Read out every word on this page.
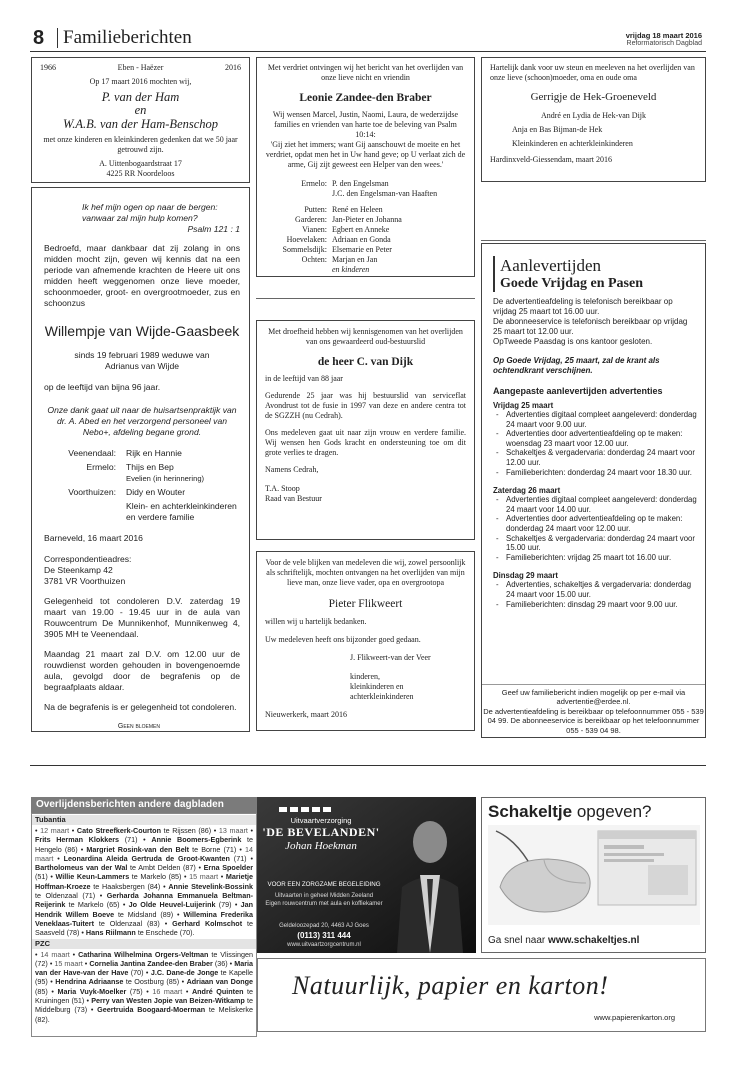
8 Familieberichten	vrijdag 18 maart 2016
Reformatorisch Dagblad
1966	Eben - Haëzer	2016
Op 17 maart 2016 mochten wij,
P. van der Ham
en
W.A.B. van der Ham-Benschop
met onze kinderen en kleinkinderen gedenken dat we 50 jaar getrouwd zijn.
A. Uittenbogaardstraat 17
4225 RR Noordeloos
Ik hef mijn ogen op naar de bergen:
vanwaar zal mijn hulp komen?
Psalm 121 : 1
Bedroefd, maar dankbaar dat zij zolang in ons midden mocht zijn, geven wij kennis dat na een periode van afnemende krachten de Heere uit ons midden heeft weggenomen onze lieve moeder, schoonmoeder, groot- en overgrootmoeder, zus en schoonzus
Willempje van Wijde-Gaasbeek
sinds 19 februari 1989 weduwe van
Adrianus van Wijde
op de leeftijd van bijna 96 jaar.
Onze dank gaat uit naar de huisartsenpraktijk van dr. A. Abed en het verzorgend personeel van Nebo+, afdeling begane grond.
Veenendaal:	Rijk en Hannie
Ermelo:	Thijs en Bep
Evelien (in herinnering)
Voorthuizen:	Didy en Wouter
Klein- en achterkleinkinderen
en verdere familie
Barneveld, 16 maart 2016
Correspondentieadres:
De Steenkamp 42
3781 VR Voorthuizen
Gelegenheid tot condoleren D.V. zaterdag 19 maart van 19.00 - 19.45 uur in de aula van Rouwcentrum De Munnikenhof, Munnikenweg 4, 3905 MH te Veenendaal.
Maandag 21 maart zal D.V. om 12.00 uur de rouwdienst worden gehouden in bovengenoemde aula, gevolgd door de begrafenis op de begraafplaats aldaar.
Na de begrafenis is er gelegenheid tot condoleren.
Geen bloemen
Met verdriet ontvingen wij het bericht van het overlijden van onze lieve nicht en vriendin
Leonie Zandee-den Braber
Wij wensen Marcel, Justin, Naomi, Laura, de wederzijdse families en vrienden van harte toe de beleving van Psalm 10:14:
'Gij ziet het immers; want Gij aanschouwt de moeite en het verdriet, opdat men het in Uw hand geve; op U verlaat zich de arme, Gij zijt geweest een Helper van den wees.'
Ermelo: P. den Engelsman
J.C. den Engelsman-van Haaften
Putten: René en Heleen
Garderen: Jan-Pieter en Johanna
Vianen: Egbert en Anneke
Hoevelaken: Adriaan en Gonda
Sommelsdijk: Elsemarie en Peter
Ochten: Marjan en Jan
en kinderen
Met droefheid hebben wij kennisgenomen van het overlijden van ons gewaardeerd oud-bestuurslid
de heer C. van Dijk
in de leeftijd van 88 jaar
Gedurende 25 jaar was hij bestuurslid van serviceflat Avondrust tot de fusie in 1997 van deze en andere centra tot de SGZZH (nu Cedrah).
Ons medeleven gaat uit naar zijn vrouw en verdere familie. Wij wensen hen Gods kracht en ondersteuning toe om dit grote verlies te dragen.
Namens Cedrah,
T.A. Stoop
Raad van Bestuur
Voor de vele blijken van medeleven die wij, zowel persoonlijk als schriftelijk, mochten ontvangen na het overlijden van mijn lieve man, onze lieve vader, opa en overgrootopa
Pieter Flikweert
willen wij u hartelijk bedanken.
Uw medeleven heeft ons bijzonder goed gedaan.
J. Flikweert-van der Veer
kinderen,
kleinkinderen en
achterkleinkinderen
Nieuwerkerk, maart 2016
Hartelijk dank voor uw steun en meeleven na het overlijden van onze lieve (schoon)moeder, oma en oude oma
Gerrigje de Hek-Groeneveld
André en Lydia de Hek-van Dijk
Anja en Bas Bijman-de Hek
Kleinkinderen en achterkleinkinderen
Hardinxveld-Giessendam, maart 2016
Aanlevertijden
Goede Vrijdag en Pasen
De advertentieafdeling is telefonisch bereikbaar op vrijdag 25 maart tot 16.00 uur.
De abonneeservice is telefonisch bereikbaar op vrijdag 25 maart tot 12.00 uur.
OpTweede Paasdag is ons kantoor gesloten.
Op Goede Vrijdag, 25 maart, zal de krant als ochtendkrant verschijnen.
Aangepaste aanlevertijden advertenties
Vrijdag 25 maart
- Advertenties digitaal compleet aangeleverd: donderdag 24 maart voor 9.00 uur.
- Advertenties door advertentieafdeling op te maken: woensdag 23 maart voor 12.00 uur.
- Schakeltjes & vergadervaria: donderdag 24 maart voor 12.00 uur.
- Familieberichten: donderdag 24 maart voor 18.30 uur.
Zaterdag 26 maart
- Advertenties digitaal compleet aangeleverd: donderdag 24 maart voor 14.00 uur.
- Advertenties door advertentieafdeling op te maken: donderdag 24 maart voor 12.00 uur.
- Schakeltjes & vergadervaria: donderdag 24 maart voor 15.00 uur.
- Familieberichten: vrijdag 25 maart tot 16.00 uur.
Dinsdag 29 maart
- Advertenties, schakeltjes & vergadervaria: donderdag 24 maart voor 15.00 uur.
- Familieberichten: dinsdag 29 maart voor 9.00 uur.
Geef uw familiebericht indien mogelijk op per e-mail via advertentie@erdee.nl.
De advertentieafdeling is bereikbaar op telefoonnummer 055 - 539 04 99. De abonneeservice is bereikbaar op het telefoonnummer 055 - 539 04 98.
Overlijdensberichten andere dagbladen
Tubantia
• 12 maart • Cato Streefkerk-Courton te Rijssen (86) • 13 maart • Frits Herman Klokkers (71) • Annie Boomers-Egberink te Hengelo (86) • Margriet Rosink-van den Belt te Borne (71) • 14 maart • Leonardina Aleida Gertruda de Groot-Kwanten (71) • Bartholomeus van der Wal te Ambt Delden (87) • Erna Spoelder (51) • Willie Keun-Lammers te Markelo (85) • 15 maart • Marietje Hoffman-Kroeze te Haaksbergen (84) • Annie Stevelink-Bossink te Oldenzaal (71) • Gerharda Johanna Emmanuela Beltman-Reijerink te Markelo (65) • Jo Olde Heuvel-Luijerink (79) • Jan Hendrik Willem Boeve te Midsland (89) • Willemina Frederika Veneklaas-Tuitert te Oldenzaal (83) • Gerhard Kolmschot te Saasveld (78) • Hans Riilmann te Enschede (70).
PZC
• 14 maart • Catharina Wilhelmina Orgers-Veltman te Vlissingen (72) • 15 maart • Cornelia Jantina Zandee-den Braber (36) • Maria van der Have-van der Have (70) • J.C. Dane-de Jonge te Kapelle (95) • Hendrina Adriaanse te Oostburg (85) • Adriaan van Donge (85) • Maria Vuyk-Moelker (75) • 16 maart • André Quinten te Kruiningen (51) • Perry van Westen Jopie van Beizen-Witkamp te Middelburg (73) • Geertruida Boogaard-Moerman te Meliskerke (82).
Uitvaartverzorging
'DE BEVELANDEN'
Johan Hoekman
VOOR EEN ZORGZAME BEGELEIDING
Uitvaarten in geheel Midden Zeeland
Eigen rouwcentrum met aula en koffiekamer
Geldeloozepad 20, 4463 AJ Goes
(0113) 311 444
www.uitvaartzorgcentrum.nl
Schakeltje opgeven?
Ga snel naar www.schakeltjes.nl
Natuurlijk, papier en karton!
www.papierenkarton.org
